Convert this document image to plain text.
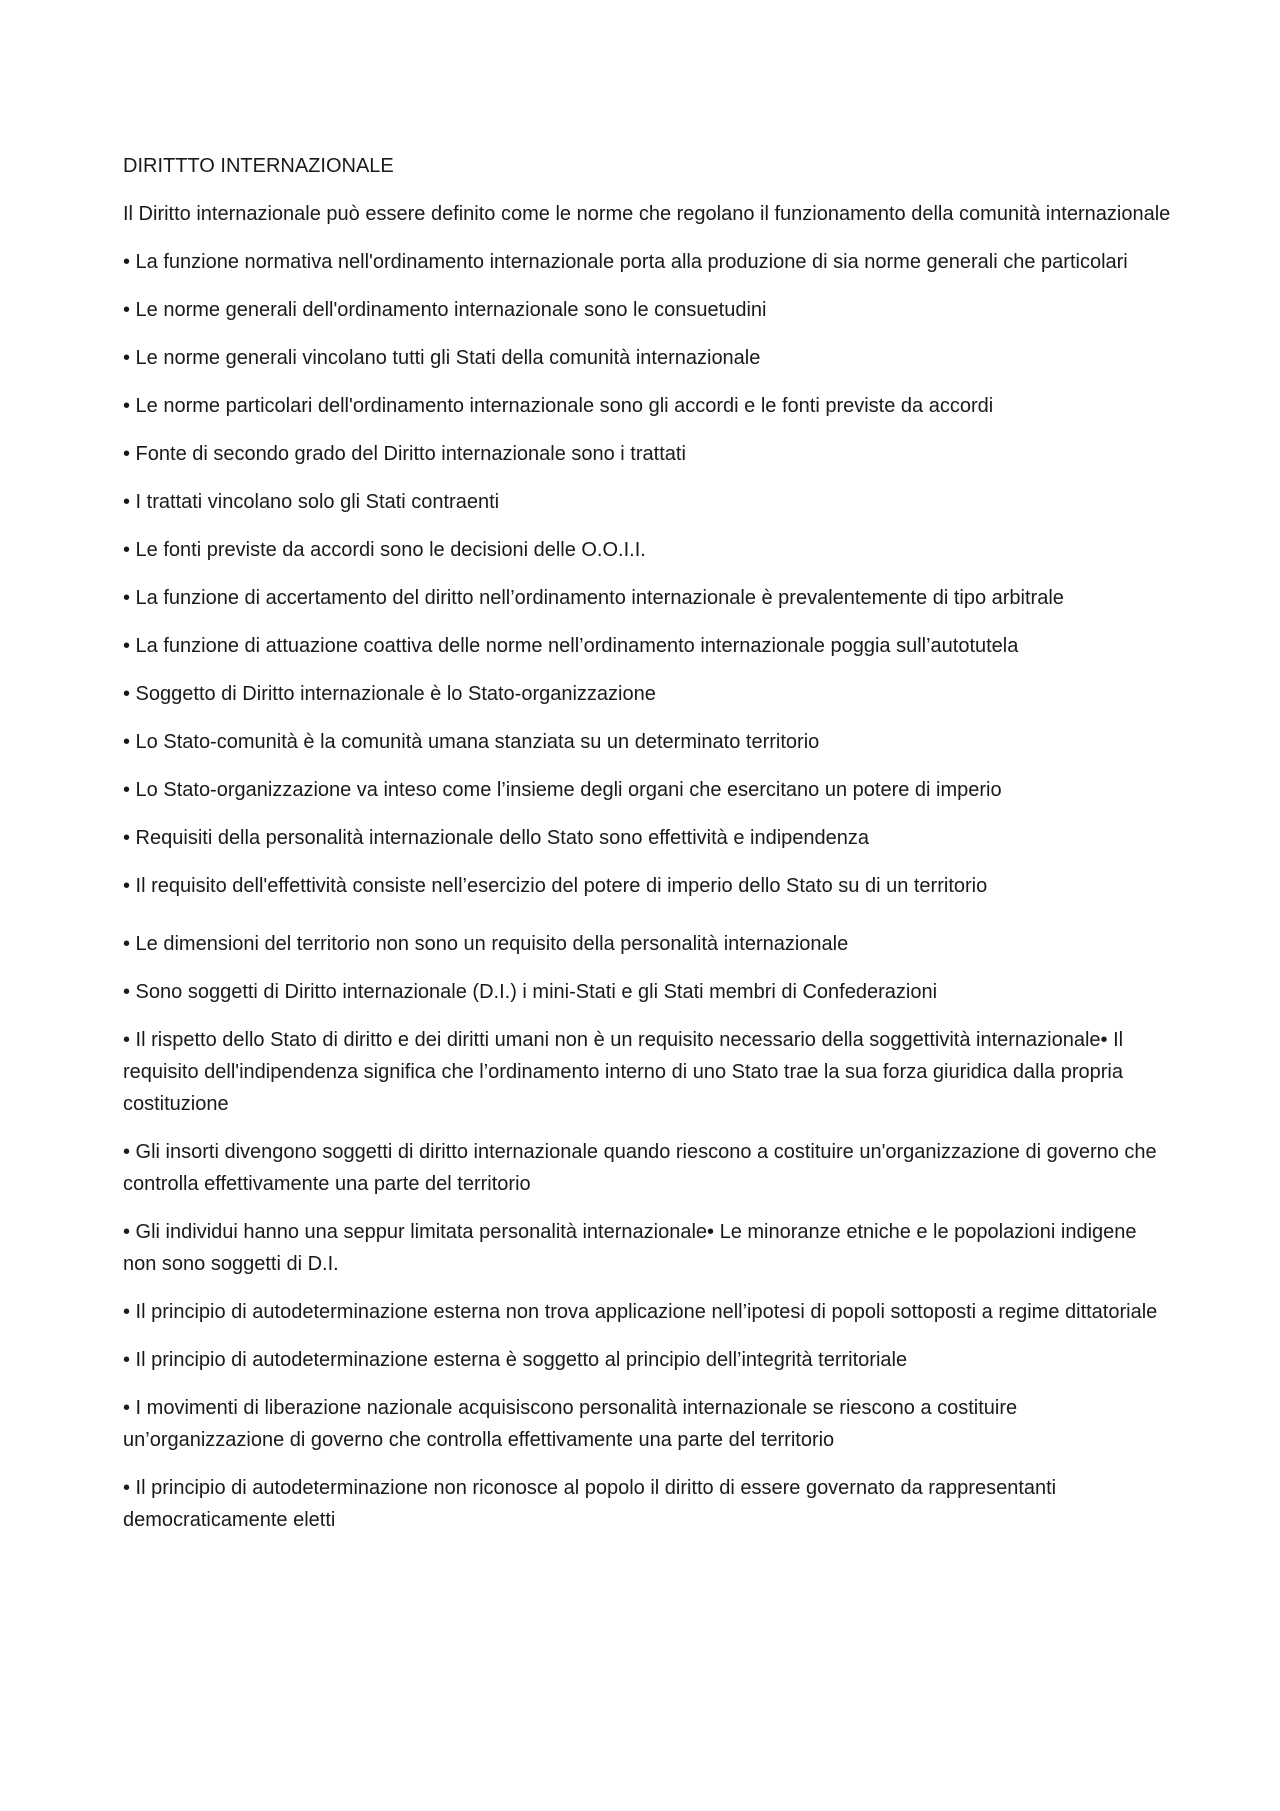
DIRITTTO INTERNAZIONALE

Il Diritto internazionale può essere definito come le norme che regolano il funzionamento della comunità internazionale

• La funzione normativa nell'ordinamento internazionale porta alla produzione di sia norme generali che particolari

• Le norme generali dell'ordinamento internazionale sono le consuetudini

• Le norme generali vincolano tutti gli Stati della comunità internazionale

• Le norme particolari dell'ordinamento internazionale sono gli accordi e le fonti previste da accordi

• Fonte di secondo grado del Diritto internazionale sono i trattati

• I trattati vincolano solo gli Stati contraenti

• Le fonti previste da accordi sono le decisioni delle O.O.I.I.

• La funzione di accertamento del diritto nell’ordinamento internazionale è prevalentemente di tipo arbitrale

• La funzione di attuazione coattiva delle norme nell’ordinamento internazionale poggia sull’autotutela

• Soggetto di Diritto internazionale è lo Stato-organizzazione

• Lo Stato-comunità è la comunità umana stanziata su un determinato territorio

• Lo Stato-organizzazione va inteso come l’insieme degli organi che esercitano un potere di imperio

• Requisiti della personalità internazionale dello Stato sono effettività e indipendenza

• Il requisito dell'effettività consiste nell’esercizio del potere di imperio dello Stato su di un territorio

• Le dimensioni del territorio non sono un requisito della personalità internazionale

• Sono soggetti di Diritto internazionale (D.I.) i mini-Stati e gli Stati membri di Confederazioni

• Il rispetto dello Stato di diritto e dei diritti umani non è un requisito necessario della soggettività internazionale• Il requisito dell'indipendenza significa che l’ordinamento interno di uno Stato trae la sua forza giuridica dalla propria costituzione

• Gli insorti divengono soggetti di diritto internazionale quando riescono a costituire un'organizzazione di governo che controlla effettivamente una parte del territorio

• Gli individui hanno una seppur limitata personalità internazionale• Le minoranze etniche e le popolazioni indigene non sono soggetti di D.I.

• Il principio di autodeterminazione esterna non trova applicazione nell’ipotesi di popoli sottoposti a regime dittatoriale

• Il principio di autodeterminazione esterna è soggetto al principio dell’integrità territoriale

• I movimenti di liberazione nazionale acquisiscono personalità internazionale se riescono a costituire un’organizzazione di governo che controlla effettivamente una parte del territorio

• Il principio di autodeterminazione non riconosce al popolo il diritto di essere governato da rappresentanti democraticamente eletti
